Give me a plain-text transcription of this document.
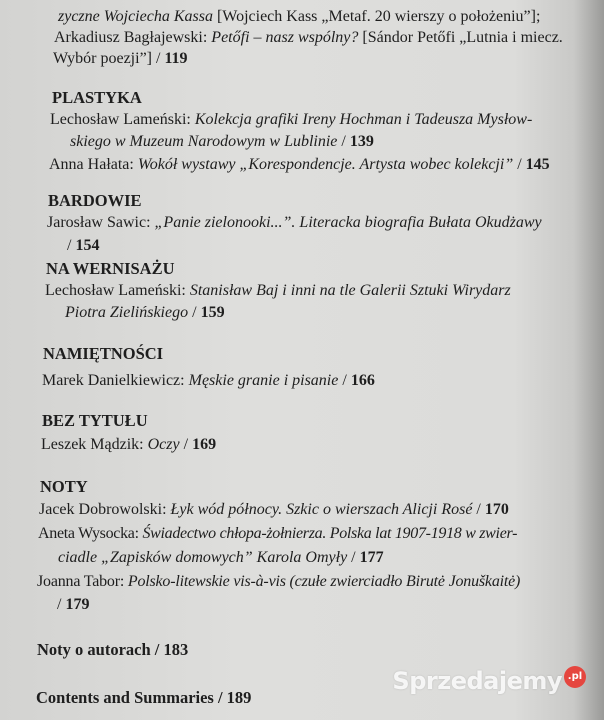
zyczne Wojciecha Kassa [Wojciech Kass „Metaf. 20 wierszy o położeniu”];
Arkadiusz Bagłajewski: Petőfi – nasz wspólny? [Sándor Petőfi „Lutnia i miecz.
Wybór poezji”] / 119
PLASTYKA
Lechosław Lameński: Kolekcja grafiki Ireny Hochman i Tadeusza Mysłow-
skiego w Muzeum Narodowym w Lublinie / 139
Anna Hałata: Wokół wystawy „Korespondencje. Artysta wobec kolekcji” / 145
BARDOWIE
Jarosław Sawic: „Panie zielonooki...”. Literacka biografia Bułata Okudżawy
/ 154
NA WERNISAŻU
Lechosław Lameński: Stanisław Baj i inni na tle Galerii Sztuki Wirydarz
Piotra Zielińskiego / 159
NAMIĘTNOŚCI
Marek Danielkiewicz: Męskie granie i pisanie / 166
BEZ TYTUŁU
Leszek Mądzik: Oczy / 169
NOTY
Jacek Dobrowolski: Łyk wód północy. Szkic o wierszach Alicji Rosé / 170
Aneta Wysocka: Świadectwo chłopa-żołnierza. Polska lat 1907-1918 w zwier-
ciadle „Zapisków domowych” Karola Omyły / 177
Joanna Tabor: Polsko-litewskie vis-à-vis (czułe zwierciadło Birutė Jonuškaitė)
/ 179
Noty o autorach / 183
Contents and Summaries / 189
Sprzedajemy .pl
